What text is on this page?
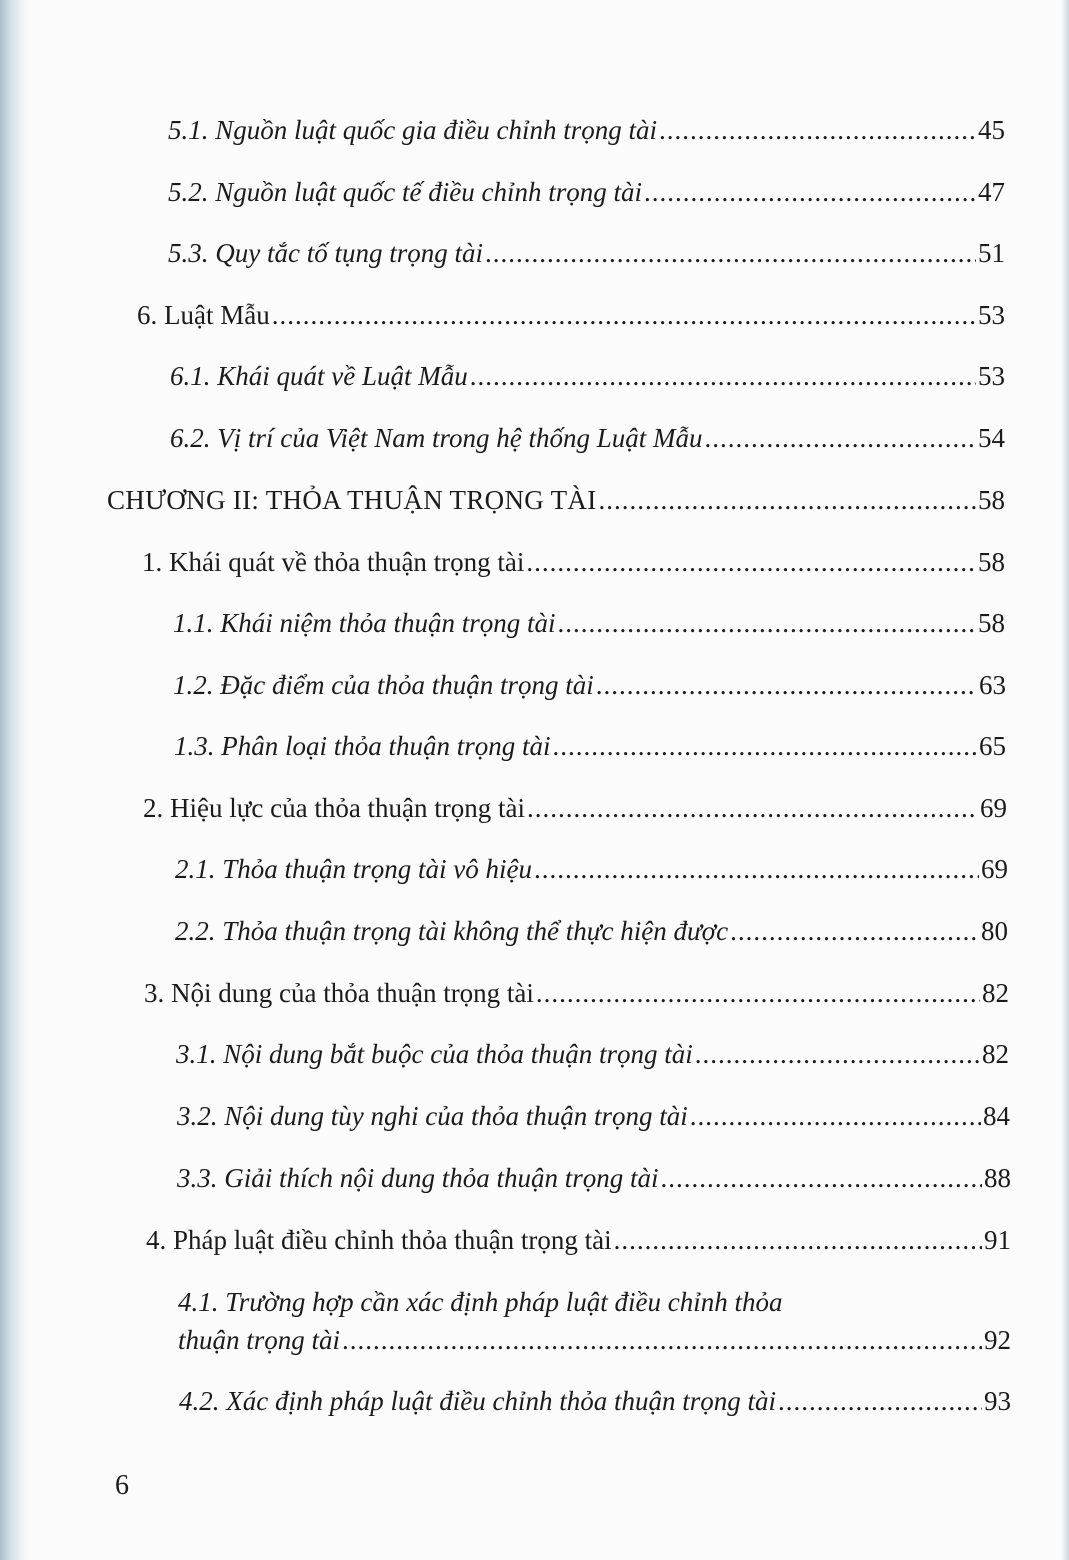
5.1. Nguồn luật quốc gia điều chỉnh trọng tài .....	45
5.2. Nguồn luật quốc tế điều chỉnh trọng tài .....	47
5.3. Quy tắc tố tụng trọng tài .....	51
6. Luật Mẫu .....	53
6.1. Khái quát về Luật Mẫu .....	53
6.2. Vị trí của Việt Nam trong hệ thống Luật Mẫu .....	54
CHƯƠNG II: THỎA THUẬN TRỌNG TÀI .....	58
1. Khái quát về thỏa thuận trọng tài .....	58
1.1. Khái niệm thỏa thuận trọng tài .....	58
1.2. Đặc điểm của thỏa thuận trọng tài .....	63
1.3. Phân loại thỏa thuận trọng tài .....	65
2. Hiệu lực của thỏa thuận trọng tài .....	69
2.1. Thỏa thuận trọng tài vô hiệu .....	69
2.2. Thỏa thuận trọng tài không thể thực hiện được .....	80
3. Nội dung của thỏa thuận trọng tài .....	82
3.1. Nội dung bắt buộc của thỏa thuận trọng tài .....	82
3.2. Nội dung tùy nghi của thỏa thuận trọng tài .....	84
3.3. Giải thích nội dung thỏa thuận trọng tài .....	88
4. Pháp luật điều chỉnh thỏa thuận trọng tài .....	91
4.1. Trường hợp cần xác định pháp luật điều chỉnh thỏa
thuận trọng tài .....	92
4.2. Xác định pháp luật điều chỉnh thỏa thuận trọng tài .....	93
6
